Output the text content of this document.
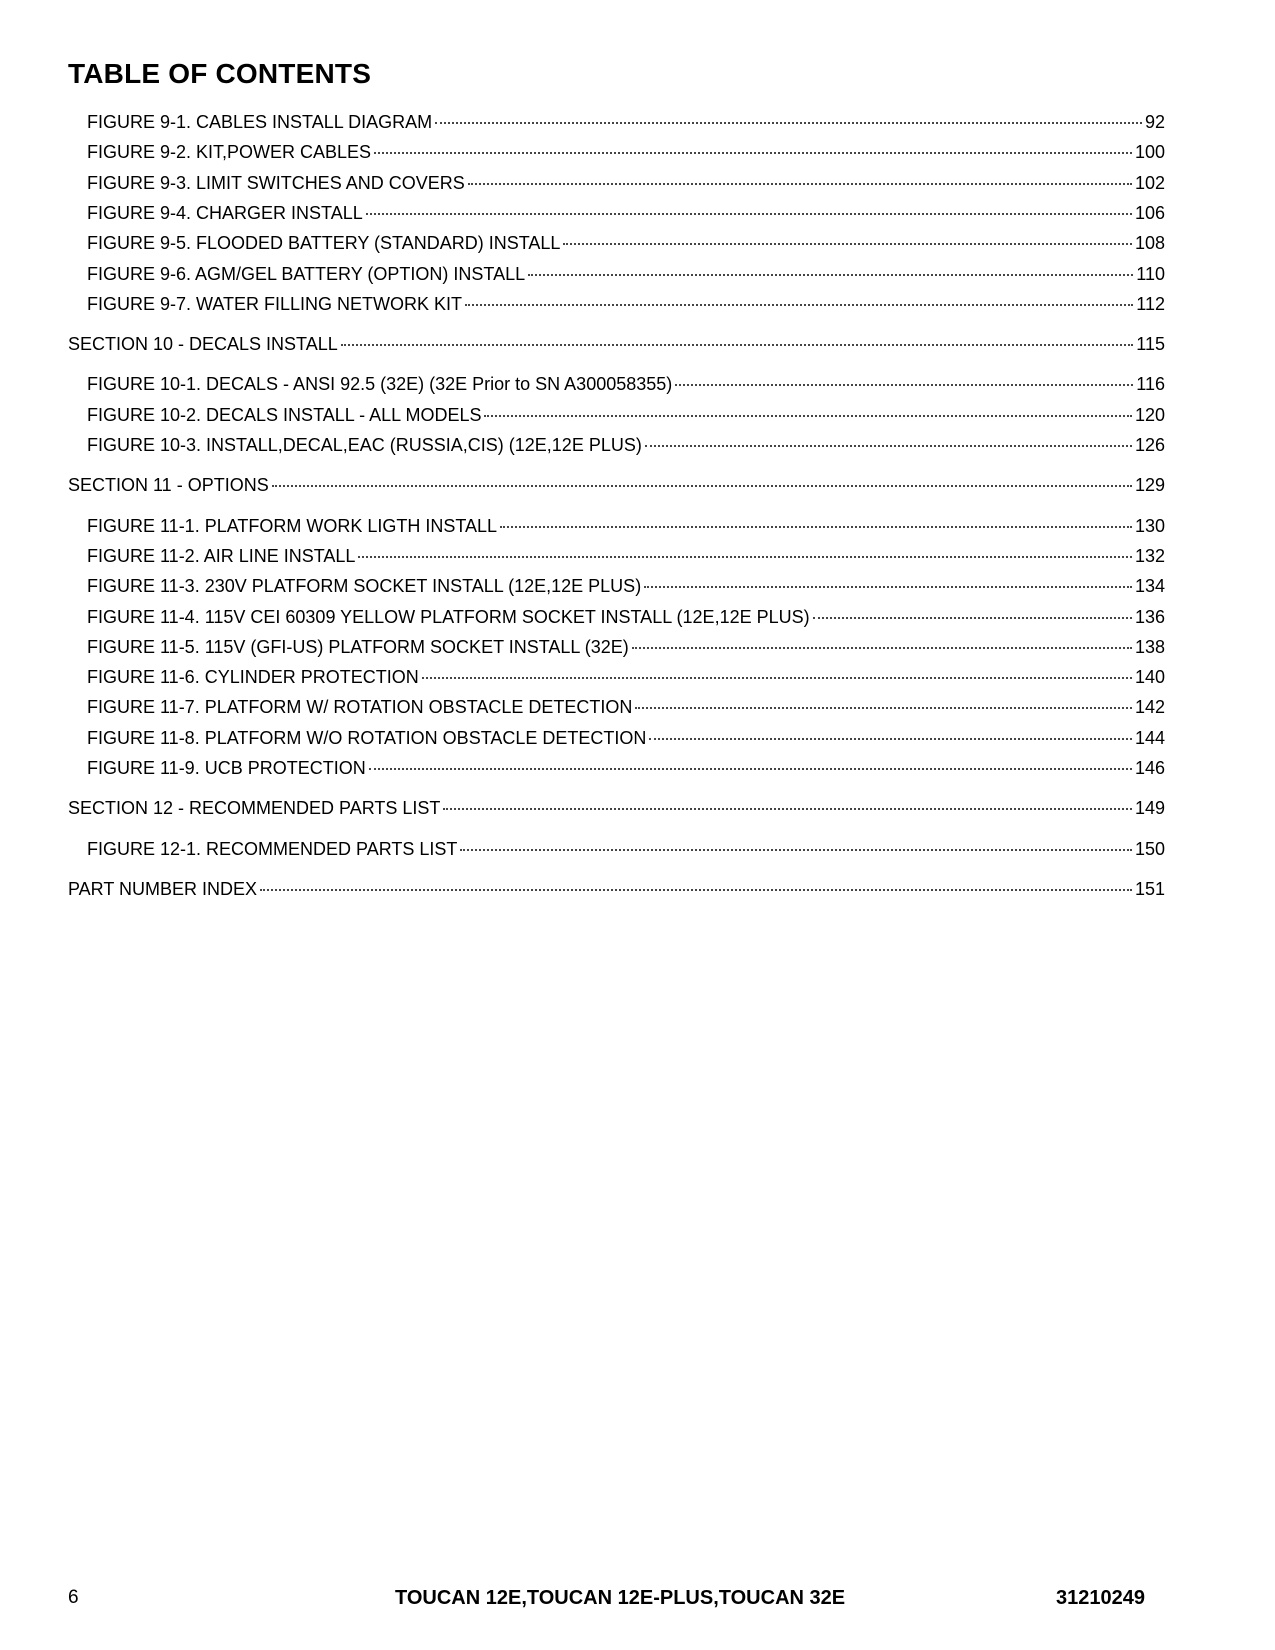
TABLE OF CONTENTS
FIGURE 9-1. CABLES INSTALL DIAGRAM	92
FIGURE 9-2. KIT,POWER CABLES	100
FIGURE 9-3. LIMIT SWITCHES AND COVERS	102
FIGURE 9-4. CHARGER INSTALL	106
FIGURE 9-5. FLOODED BATTERY (STANDARD) INSTALL	108
FIGURE 9-6. AGM/GEL BATTERY (OPTION) INSTALL	110
FIGURE 9-7. WATER FILLING NETWORK KIT	112
SECTION 10 - DECALS INSTALL	115
FIGURE 10-1. DECALS - ANSI 92.5 (32E) (32E Prior to SN A300058355)	116
FIGURE 10-2. DECALS INSTALL - ALL MODELS	120
FIGURE 10-3. INSTALL,DECAL,EAC (RUSSIA,CIS) (12E,12E PLUS)	126
SECTION 11 - OPTIONS	129
FIGURE 11-1. PLATFORM WORK LIGTH INSTALL	130
FIGURE 11-2. AIR LINE INSTALL	132
FIGURE 11-3. 230V PLATFORM SOCKET INSTALL (12E,12E PLUS)	134
FIGURE 11-4. 115V CEI 60309 YELLOW PLATFORM SOCKET INSTALL (12E,12E PLUS)	136
FIGURE 11-5. 115V (GFI-US) PLATFORM SOCKET INSTALL (32E)	138
FIGURE 11-6. CYLINDER PROTECTION	140
FIGURE 11-7. PLATFORM W/ ROTATION OBSTACLE DETECTION	142
FIGURE 11-8. PLATFORM W/O ROTATION OBSTACLE DETECTION	144
FIGURE 11-9. UCB PROTECTION	146
SECTION 12 - RECOMMENDED PARTS LIST	149
FIGURE 12-1. RECOMMENDED PARTS LIST	150
PART NUMBER INDEX	151
6	TOUCAN 12E,TOUCAN 12E-PLUS,TOUCAN 32E	31210249
